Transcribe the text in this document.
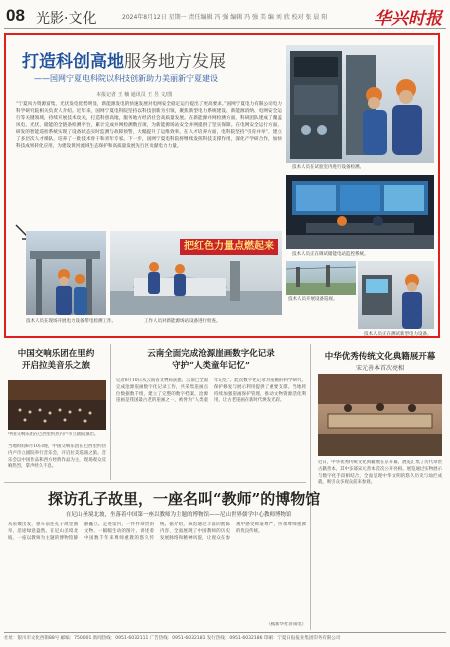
08 光影·文化	2024年8月12日 星期一 责任编辑 冯 强 编辑 冯 强 美 编 刘 欣 校对 张 晨 阳	华兴时报
打造科创高地服务地方发展
——国网宁夏电科院以科技创新助力美丽新宁夏建设
本报记者 王 楠 通讯员 王 昱 文/图
“宁夏风力资源富集、光伏发电优势明显，新能源发电的快速发展对电网安全稳定运行提出了更高要求。”国网宁夏电力有限公司电力科学研究院相关负责人介绍。近年来，国网宁夏电科院坚持以科技创新为引领，聚焦新型电力系统建设、新能源消纳、电网安全运行等关键领域，持续开展技术攻关，打造科创高地，服务地方经济社会高质量发展。在新能源并网检测方面，科研团队建成了覆盖风电、光伏、储能的全链条检测平台，累计完成并网检测数百项，为新能源场站安全并网提供了坚实保障。在电网安全运行方面，研发的智能巡检系统实现了设备状态实时监测与故障预警，大幅提升了运维效率。在人才培养方面，电科院坚持“引育并举”，建立了多层次人才梯队，培养了一批技术骨干和青年专家。下一步，国网宁夏电科院将继续发挥科技支撑作用，深化产学研合作，加快科技成果转化应用，为建设黄河流域生态保护和高质量发展先行区贡献电力力量。
技术人员在试验室内进行设备检测。
技术人员正在调试储能电站监控系统。
技术人员在现场开展电力设备带电检测工作。
把红色力量点燃起来
工作人员对新能源场站设备进行检查。
技术人员开展设备巡视。
技术人员正在测试新型电力设备。
中国交响乐团在里约
开启拉美音乐之旅
中国交响乐团在巴西里约热内卢市立剧院演出。
当地时间8月10日晚，中国交响乐团在巴西里约热内卢市立剧院举行音乐会，开启拉美巡演之旅。音乐会以中国作品和西方经典作品为主，现场观众反响热烈，掌声经久不息。
云南全面完成沧源崖画数字化记录
守护“人类童年记忆”
记者8月10日从云南省文物局获悉，云南已全面完成沧源崖画数字化记录工作，共采集崖画点位数据数千组，建立了完整的数字档案。沧源崖画是我国最古老的崖画之一，被誉为“人类童年记忆”。此次数字化记录为崖画的科学研究、保护修复与展示利用提供了重要支撑。当地将持续加强崖画保护管理，推动文物资源活化利用，让古老崖画在新时代焕发光彩。
中华优秀传统文化典籍展开幕
宋元善本首次亮相
近日，中华优秀传统文化典籍展在京开幕，展览汇集了历代珍贵古籍善本，其中多部宋元善本首次公开亮相。展览通过实物展示与数字化手段相结合，全面呈现中华文明的悠久历史与灿烂成就，吸引众多观众前来参观。
探访孔子故里，一座名叫“教师”的博物馆
在尼山圣境北坡，坐落着中国第一座以教师为主题的博物馆——尼山世界儒学中心教师博物馆
从泉城出发，驱车前往孔子故里曲阜，沿途绿意盎然。在尼山圣境北坡，一座以教师为主题的博物馆静静矗立。走进馆内，一件件珍贵的文物、一幅幅生动的图片，讲述着中国数千年来尊师重教的悠久传统。据介绍，该馆通过丰富的展陈内容，全面展现了中国教师的历史发展脉络和精神风貌，让观众在参观中感受师道尊严，传承尊师重教的优良传统。
（据新华社济南电）
社址：银川市文化西街88号 邮编：750001 新闻热线：0951-6032111 广告热线：0951-6032181 发行热线：0951-6032186 印刷：宁夏日报报业集团印务有限公司
